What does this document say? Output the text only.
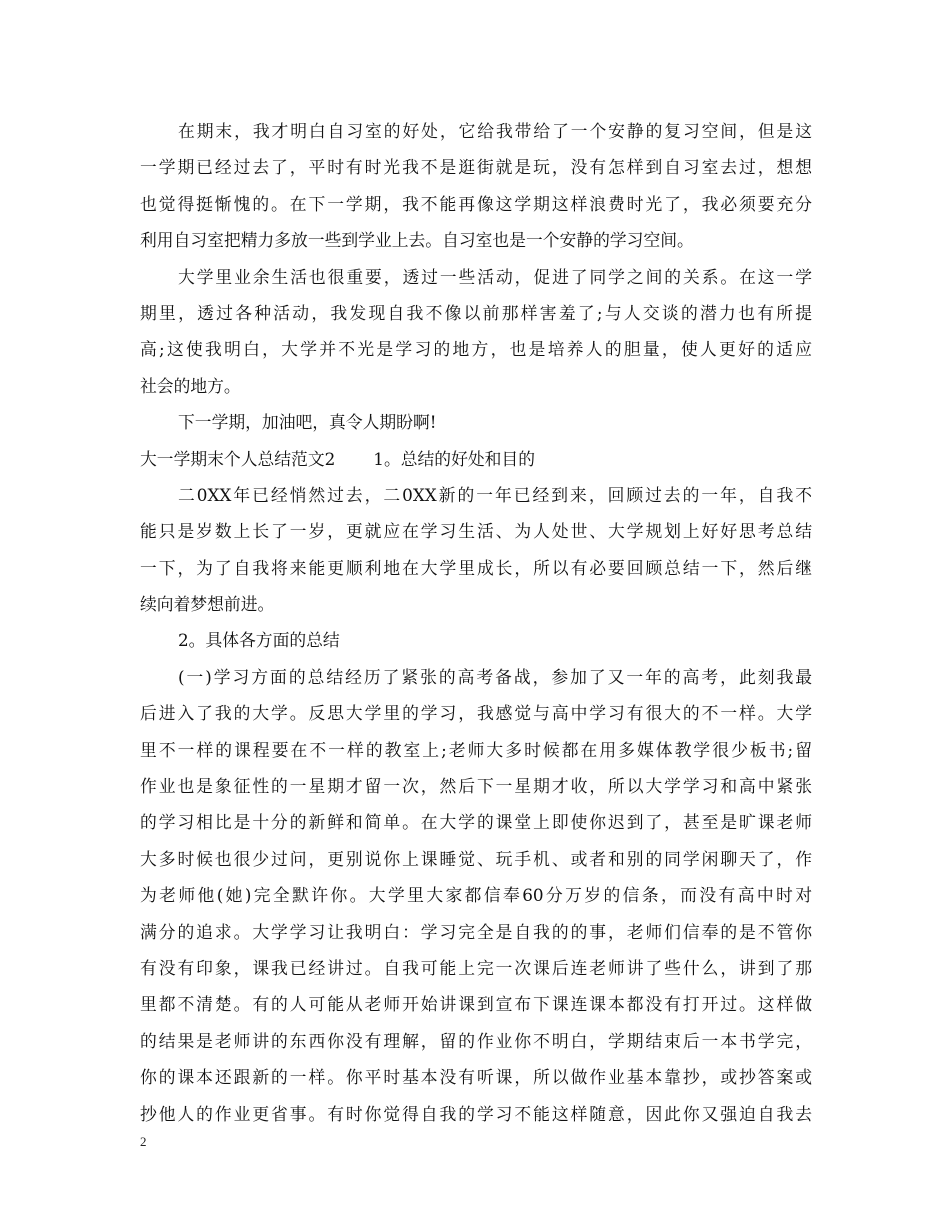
在期末，我才明白自习室的好处，它给我带给了一个安静的复习空间，但是这
一学期已经过去了，平时有时光我不是逛街就是玩，没有怎样到自习室去过，想想
也觉得挺惭愧的。在下一学期，我不能再像这学期这样浪费时光了，我必须要充分
利用自习室把精力多放一些到学业上去。自习室也是一个安静的学习空间。
大学里业余生活也很重要，透过一些活动，促进了同学之间的关系。在这一学
期里，透过各种活动，我发现自我不像以前那样害羞了;与人交谈的潜力也有所提
高;这使我明白，大学并不光是学习的地方，也是培养人的胆量，使人更好的适应
社会的地方。
下一学期，加油吧，真令人期盼啊!
大一学期末个人总结范文2 1。总结的好处和目的
二0XX年已经悄然过去，二0XX新的一年已经到来，回顾过去的一年，自我不
能只是岁数上长了一岁，更就应在学习生活、为人处世、大学规划上好好思考总结
一下，为了自我将来能更顺利地在大学里成长，所以有必要回顾总结一下，然后继
续向着梦想前进。
2。具体各方面的总结
(一)学习方面的总结经历了紧张的高考备战，参加了又一年的高考，此刻我最
后进入了我的大学。反思大学里的学习，我感觉与高中学习有很大的不一样。大学
里不一样的课程要在不一样的教室上;老师大多时候都在用多媒体教学很少板书;留
作业也是象征性的一星期才留一次，然后下一星期才收，所以大学学习和高中紧张
的学习相比是十分的新鲜和简单。在大学的课堂上即使你迟到了，甚至是旷课老师
大多时候也很少过问，更别说你上课睡觉、玩手机、或者和别的同学闲聊天了，作
为老师他(她)完全默许你。大学里大家都信奉60分万岁的信条，而没有高中时对
满分的追求。大学学习让我明白：学习完全是自我的的事，老师们信奉的是不管你
有没有印象，课我已经讲过。自我可能上完一次课后连老师讲了些什么，讲到了那
里都不清楚。有的人可能从老师开始讲课到宣布下课连课本都没有打开过。这样做
的结果是老师讲的东西你没有理解，留的作业你不明白，学期结束后一本书学完，
你的课本还跟新的一样。你平时基本没有听课，所以做作业基本靠抄，或抄答案或
抄他人的作业更省事。有时你觉得自我的学习不能这样随意，因此你又强迫自我去
2
